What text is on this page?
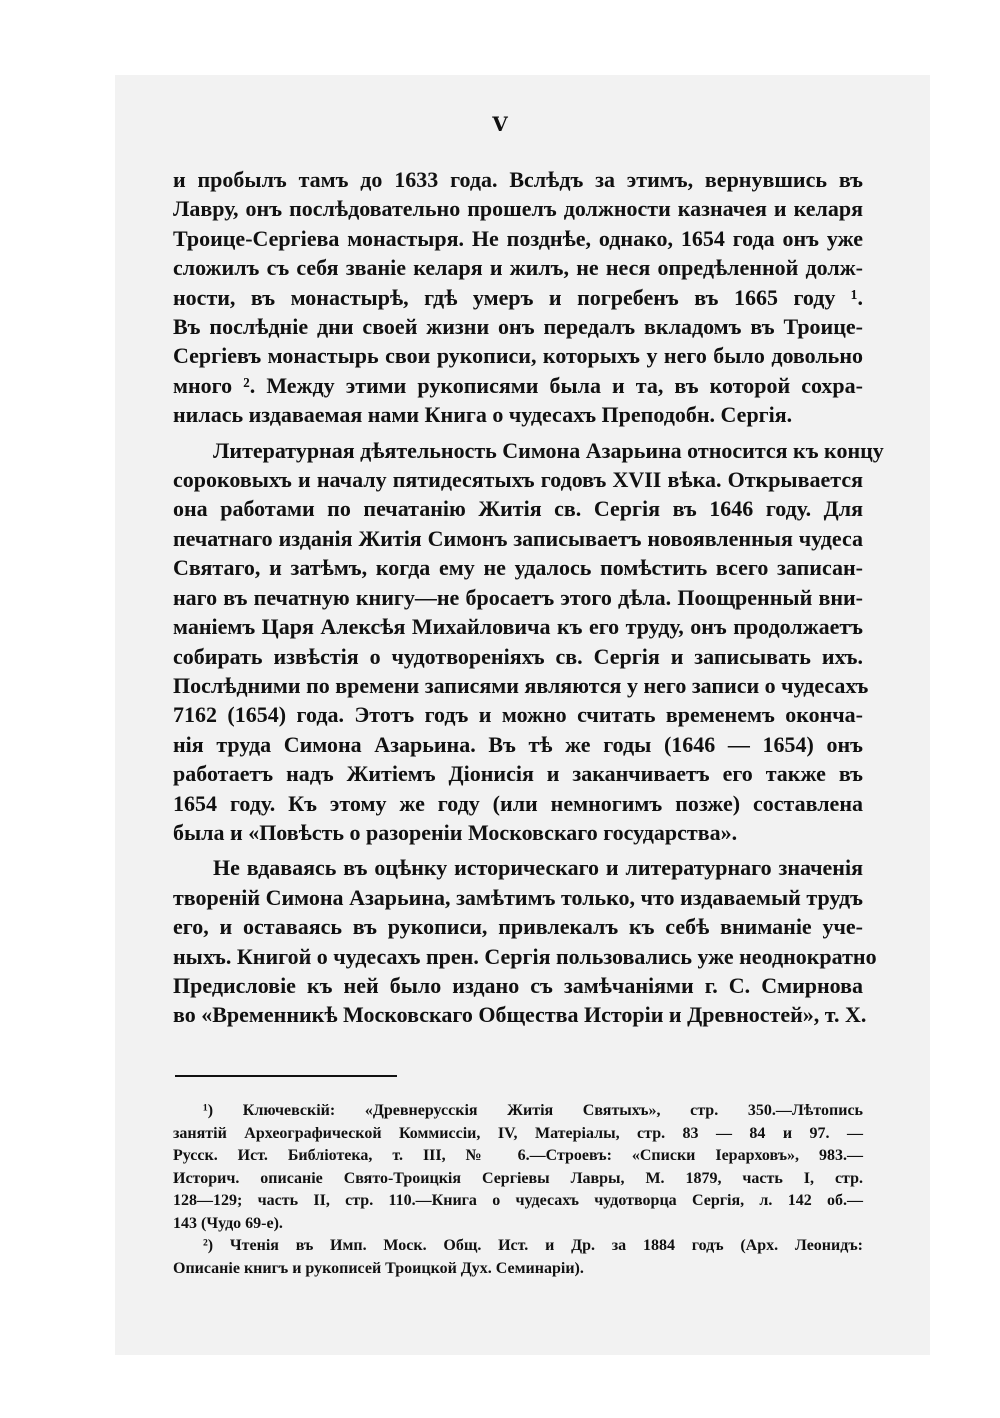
V
и пробылъ тамъ до 1633 года. Вслѣдъ за этимъ, вернувшись въ
Лавру, онъ послѣдовательно прошелъ должности казначея и келаря
Троице-Сергіева монастыря. Не позднѣе, однако, 1654 года онъ уже
сложилъ съ себя званіе келаря и жилъ, не неся опредѣленной долж-
ности, въ монастырѣ, гдѣ умеръ и погребенъ въ 1665 году ¹.
Въ послѣдніе дни своей жизни онъ передалъ вкладомъ въ Троице-
Сергіевъ монастырь свои рукописи, которыхъ у него было довольно
много ². Между этими рукописями была и та, въ которой сохра-
нилась издаваемая нами Книга о чудесахъ Преподобн. Сергія.
Литературная дѣятельность Симона Азарьина относится къ концу
сороковыхъ и началу пятидесятыхъ годовъ XVII вѣка. Открывается
она работами по печатанію Житія св. Сергія въ 1646 году. Для
печатнаго изданія Житія Симонъ записываетъ новоявленныя чудеса
Святаго, и затѣмъ, когда ему не удалось помѣстить всего записан-
наго въ печатную книгу—не бросаетъ этого дѣла. Поощренный вни-
маніемъ Царя Алексѣя Михайловича къ его труду, онъ продолжаетъ
собирать извѣстія о чудотвореніяхъ св. Сергія и записывать ихъ.
Послѣдними по времени записями являются у него записи о чудесахъ
7162 (1654) года. Этотъ годъ и можно считать временемъ оконча-
нія труда Симона Азарьина. Въ тѣ же годы (1646 — 1654) онъ
работаетъ надъ Житіемъ Діонисія и заканчиваетъ его также въ
1654 году. Къ этому же году (или немногимъ позже) составлена
была и «Повѣсть о разореніи Московскаго государства».
Не вдаваясь въ оцѣнку историческаго и литературнаго значенія
твореній Симона Азарьина, замѣтимъ только, что издаваемый трудъ
его, и оставаясь въ рукописи, привлекалъ къ себѣ вниманіе уче-
ныхъ. Книгой о чудесахъ прен. Сергія пользовались уже неоднократно
Предисловіе къ ней было издано съ замѣчаніями г. С. Смирнова
во «Временникѣ Московскаго Общества Исторіи и Древностей», т. X.
¹) Ключевскій: «Древнерусскія Житія Святыхъ», стр. 350.—Лѣтопись
занятій Археографической Коммиссіи, IV, Матеріалы, стр. 83 — 84 и 97. —
Русск. Ист. Библіотека, т. III, № 6.—Строевъ: «Списки Іерарховъ», 983.—
Историч. описаніе Свято-Троицкія Сергіевы Лавры, М. 1879, часть I, стр.
128—129; часть II, стр. 110.—Книга о чудесахъ чудотворца Сергія, л. 142 об.—
143 (Чудо 69-е).
²) Чтенія въ Имп. Моск. Общ. Ист. и Др. за 1884 годъ (Арх. Леонидъ:
Описаніе книгъ и рукописей Троицкой Дух. Семинаріи).
